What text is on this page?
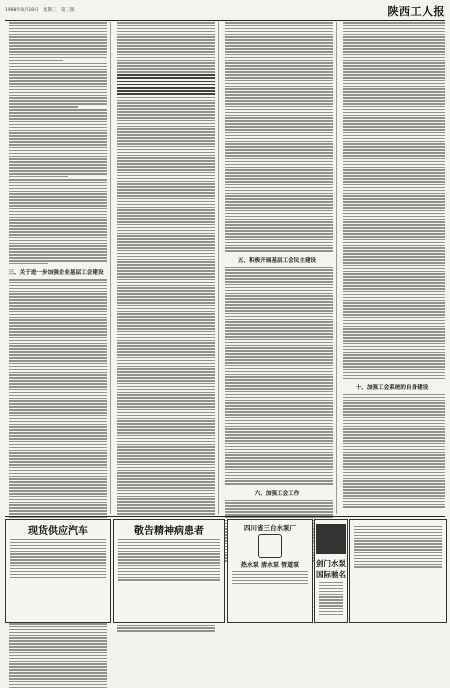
1988年8月18日　星期三　第三版	陕西工人报
三、关于进一步加强企业基层工会建设
五、积极开展基层工会民主建设
六、加强工会工作
十、加强工会系统的自身建设
现货供应汽车	敬告精神病患者	四川省三台水泵厂
热水泵 清水泵 管道泵	剑门水泵 国际驰名
